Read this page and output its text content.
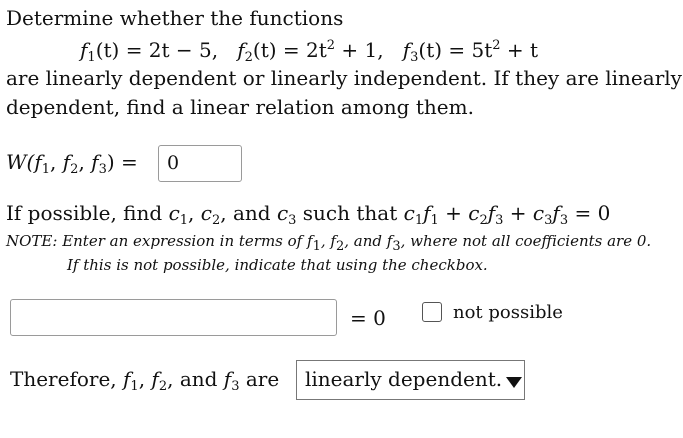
Determine whether the functions
$f_1(t) = 2t - 5$, $f_2(t) = 2t^2 + 1$, $f_3(t) = 5t^2 + t$
are linearly dependent or linearly independent. If they are linearly
dependent, find a linear relation among them.
$W(f_1$, $f_2$, $f_3) = 0$
If possible, find $c_1$, $c_2$, and $c_3$ such that $c_1f_1 + c_2f_3 + c_3f_3 = 0$
NOTE: Enter an expression in terms of f1, f2, and f3, where not all coefficients are 0.
If this is not possible, indicate that using the checkbox.
= 0	not possible
Therefore, $f_1$, $f_2$, and $f_3$ are	linearly dependent.
